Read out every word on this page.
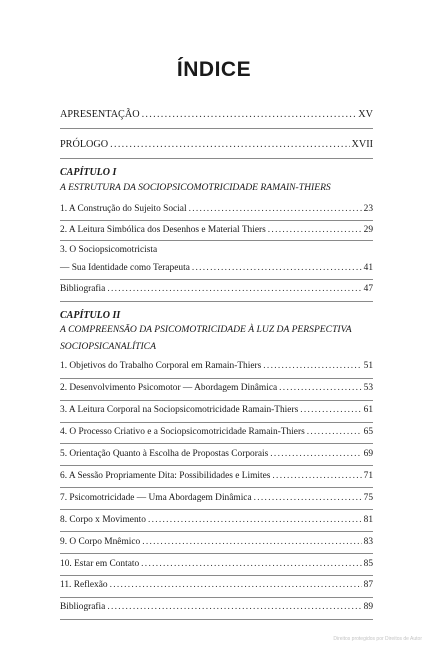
ÍNDICE
APRESENTAÇÃO .....	XV
PRÓLOGO .....	XVII
CAPÍTULO I
A ESTRUTURA DA SOCIOPSICOMOTRICIDADE RAMAIN-THIERS
1. A Construção do Sujeito Social .....	23
2. A Leitura Simbólica dos Desenhos e Material Thiers .....	29
3. O Sociopsicomotricista
— Sua Identidade como Terapeuta .....	41
Bibliografia .....	47
CAPÍTULO II
A COMPREENSÃO DA PSICOMOTRICIDADE À LUZ DA PERSPECTIVA SOCIOPSICANALÍTICA
1. Objetivos do Trabalho Corporal em Ramain-Thiers .....	51
2. Desenvolvimento Psicomotor — Abordagem Dinâmica .....	53
3. A Leitura Corporal na Sociopsicomotricidade Ramain-Thiers .....	61
4. O Processo Criativo e a Sociopsicomotricidade Ramain-Thiers .....	65
5. Orientação Quanto à Escolha de Propostas Corporais .....	69
6. A Sessão Propriamente Dita: Possibilidades e Limites .....	71
7. Psicomotricidade — Uma Abordagem Dinâmica .....	75
8. Corpo x Movimento .....	81
9. O Corpo Mnêmico .....	83
10. Estar em Contato .....	85
11. Reflexão .....	87
Bibliografia .....	89
Direitos protegidos por Direitos de Autor
